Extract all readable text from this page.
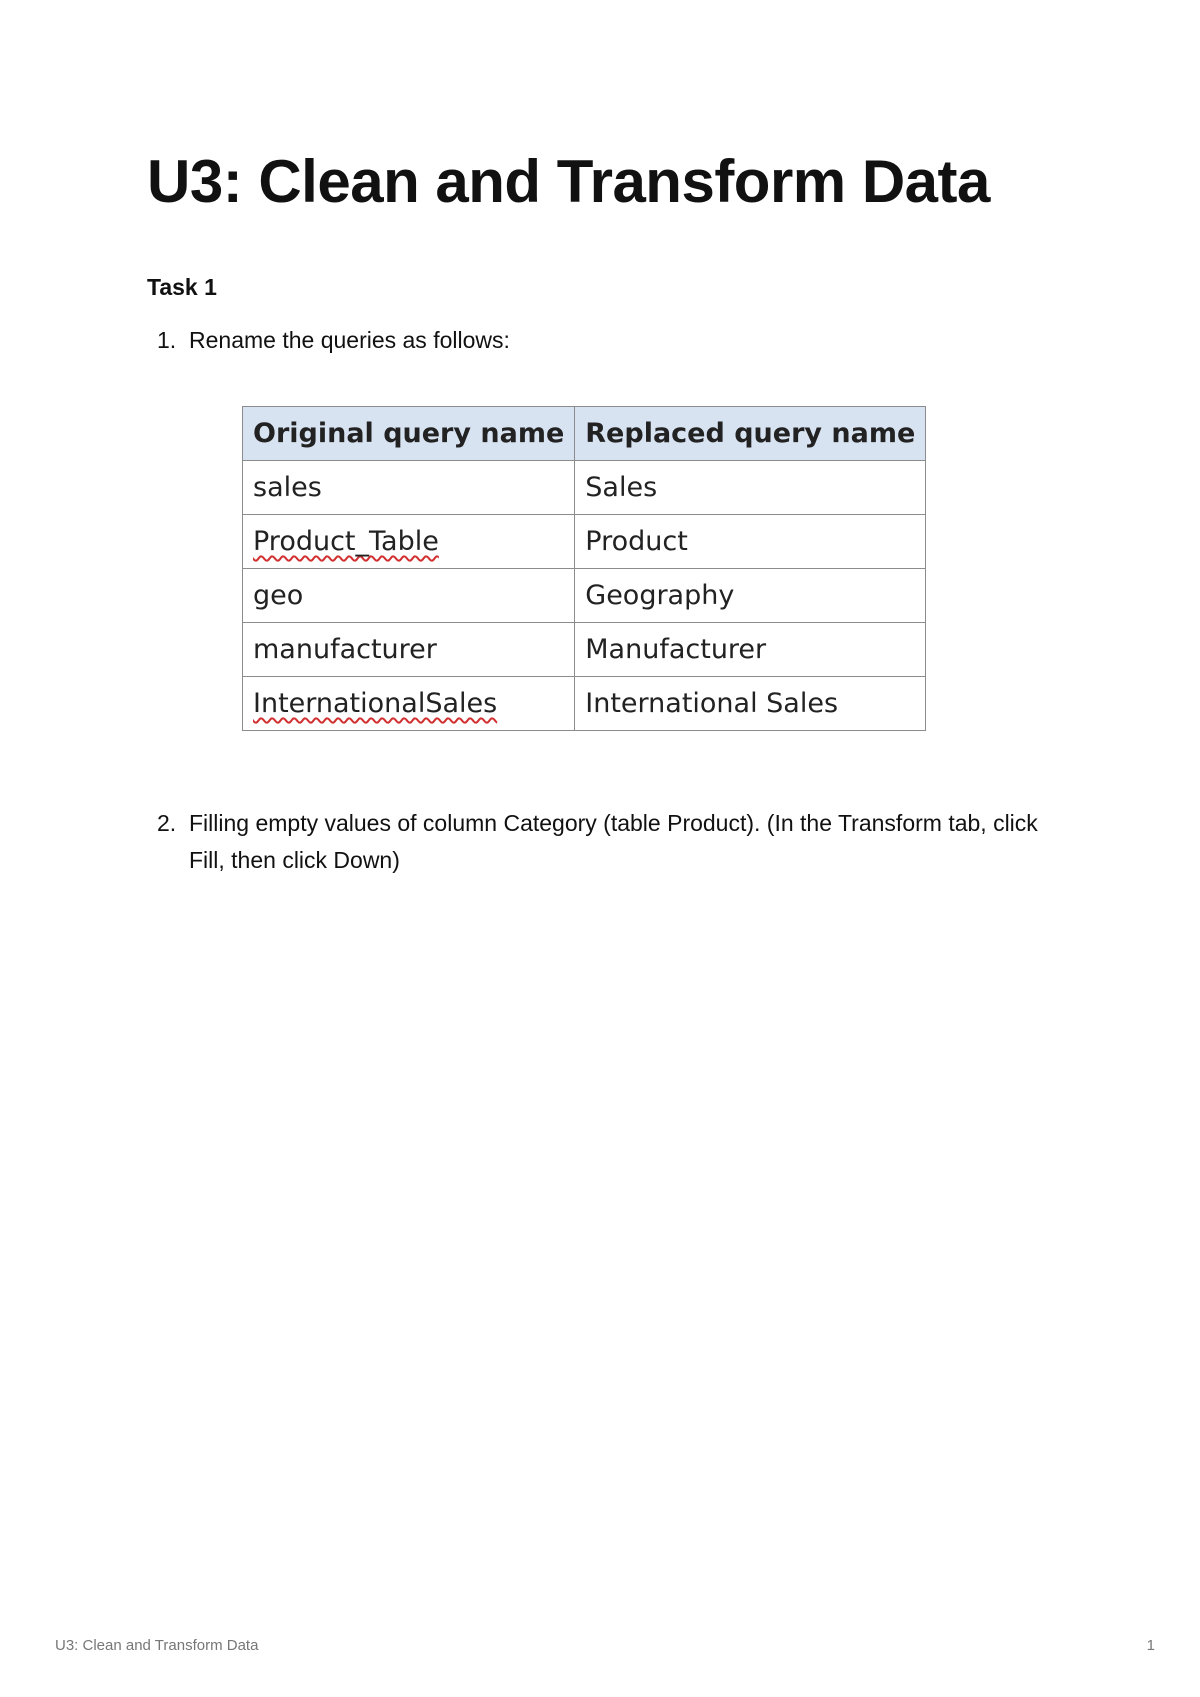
U3: Clean and Transform Data
Task 1
1. Rename the queries as follows:
Original query name	Replaced query name
sales	Sales
Product_Table	Product
geo	Geography
manufacturer	Manufacturer
InternationalSales	International Sales
2. Filling empty values of column Category (table Product). (In the Transform tab, click Fill, then click Down)
U3: Clean and Transform Data	1
